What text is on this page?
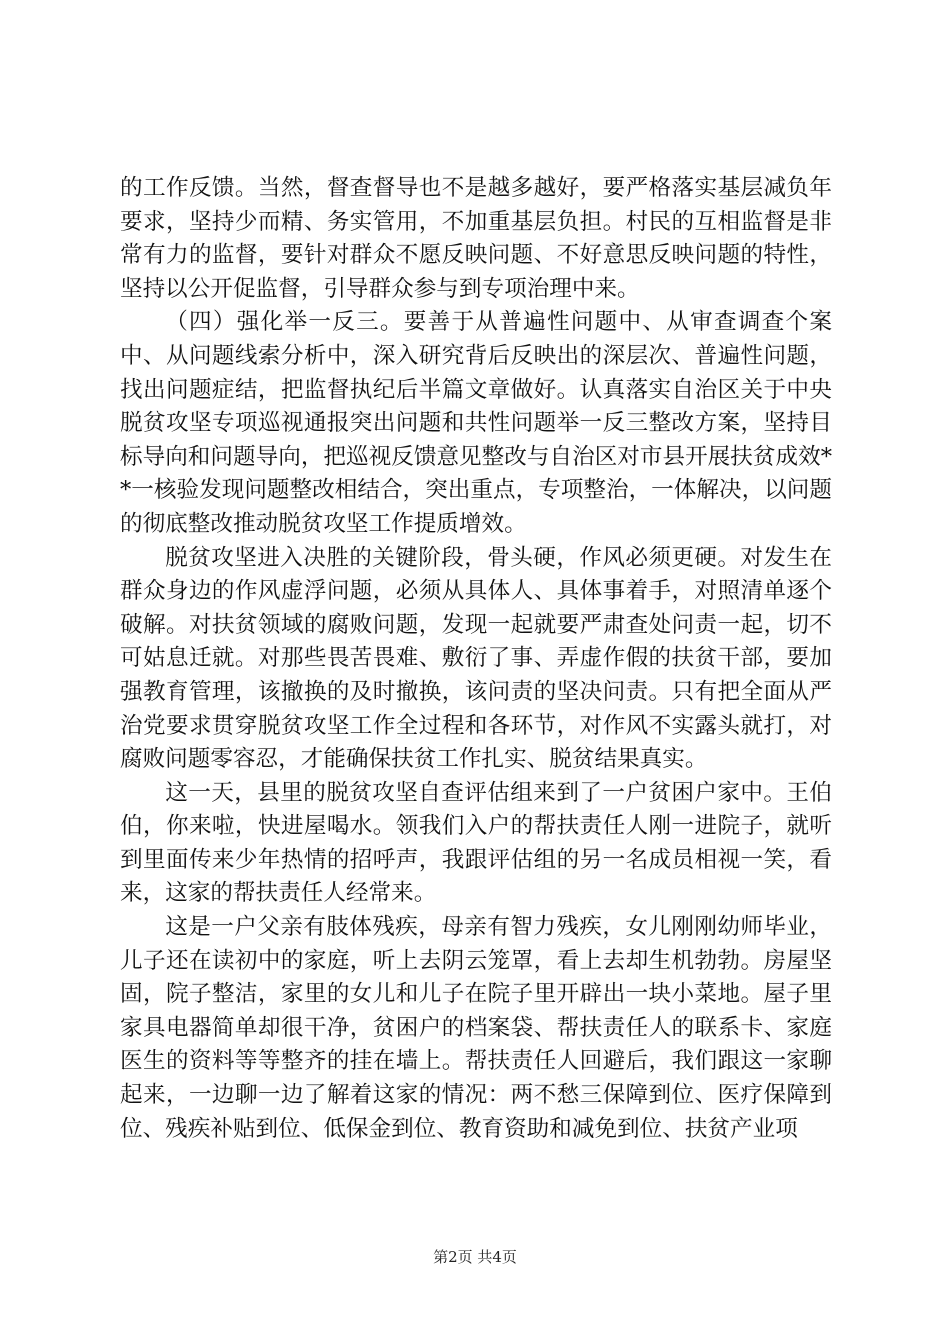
的工作反馈。当然，督查督导也不是越多越好，要严格落实基层减负年要求，坚持少而精、务实管用，不加重基层负担。村民的互相监督是非常有力的监督，要针对群众不愿反映问题、不好意思反映问题的特性，坚持以公开促监督，引导群众参与到专项治理中来。

（四）强化举一反三。要善于从普遍性问题中、从审查调查个案中、从问题线索分析中，深入研究背后反映出的深层次、普遍性问题，找出问题症结，把监督执纪后半篇文章做好。认真落实自治区关于中央脱贫攻坚专项巡视通报突出问题和共性问题举一反三整改方案，坚持目标导向和问题导向，把巡视反馈意见整改与自治区对市县开展扶贫成效**一核验发现问题整改相结合，突出重点，专项整治，一体解决，以问题的彻底整改推动脱贫攻坚工作提质增效。

脱贫攻坚进入决胜的关键阶段，骨头硬，作风必须更硬。对发生在群众身边的作风虚浮问题，必须从具体人、具体事着手，对照清单逐个破解。对扶贫领域的腐败问题，发现一起就要严肃查处问责一起，切不可姑息迁就。对那些畏苦畏难、敷衍了事、弄虚作假的扶贫干部，要加强教育管理，该撤换的及时撤换，该问责的坚决问责。只有把全面从严治党要求贯穿脱贫攻坚工作全过程和各环节，对作风不实露头就打，对腐败问题零容忍，才能确保扶贫工作扎实、脱贫结果真实。

这一天，县里的脱贫攻坚自查评估组来到了一户贫困户家中。王伯伯，你来啦，快进屋喝水。领我们入户的帮扶责任人刚一进院子，就听到里面传来少年热情的招呼声，我跟评估组的另一名成员相视一笑，看来，这家的帮扶责任人经常来。

这是一户父亲有肢体残疾，母亲有智力残疾，女儿刚刚幼师毕业，儿子还在读初中的家庭，听上去阴云笼罩，看上去却生机勃勃。房屋坚固，院子整洁，家里的女儿和儿子在院子里开辟出一块小菜地。屋子里家具电器简单却很干净，贫困户的档案袋、帮扶责任人的联系卡、家庭医生的资料等等整齐的挂在墙上。帮扶责任人回避后，我们跟这一家聊起来，一边聊一边了解着这家的情况：两不愁三保障到位、医疗保障到位、残疾补贴到位、低保金到位、教育资助和减免到位、扶贫产业项

第2页 共4页
